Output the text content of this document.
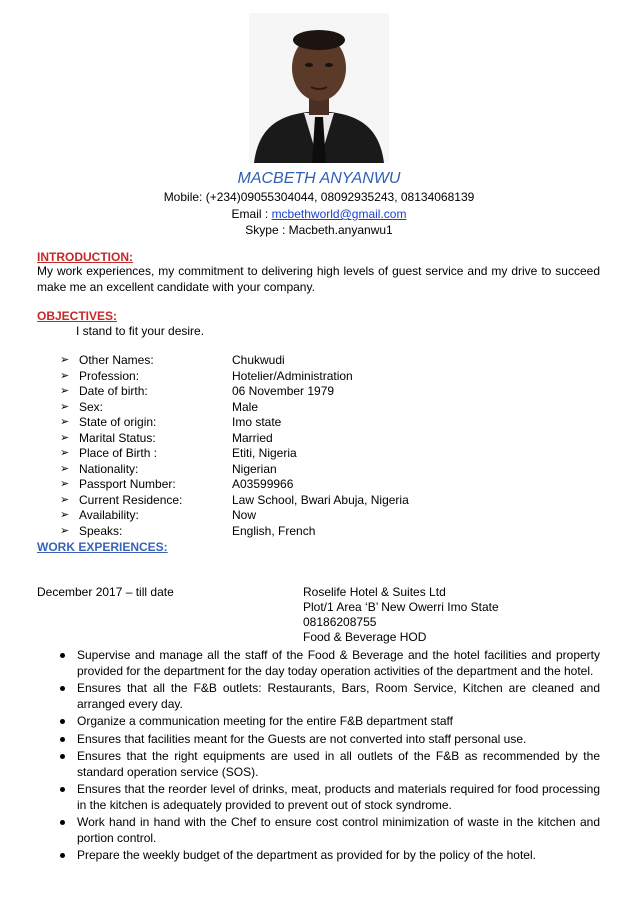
MACBETH ANYANWU
Mobile: (+234)09055304044, 08092935243, 08134068139
Email : mcbethworld@gmail.com
Skype : Macbeth.anyanwu1
INTRODUCTION:
My work experiences, my commitment to delivering high levels of guest service and my drive to succeed make me an excellent candidate with your company.
OBJECTIVES:
I stand to fit your desire.
➢ Other Names:	Chukwudi
➢ Profession:	Hotelier/Administration
➢ Date of birth:	06 November 1979
➢ Sex:	Male
➢ State of origin:	Imo state
➢ Marital Status:	Married
➢ Place of Birth :	Etiti, Nigeria
➢ Nationality:	Nigerian
➢ Passport Number:	A03599966
➢ Current Residence:	Law School, Bwari Abuja, Nigeria
➢ Availability:	Now
➢ Speaks:	English, French
WORK EXPERIENCES:
December 2017 – till date	Roselife Hotel & Suites Ltd
Plot/1 Area ‘B’ New Owerri Imo State
08186208755
Food & Beverage HOD
Supervise and manage all the staff of the Food & Beverage and the hotel facilities and property provided for the department for the day today operation activities of the department and the hotel.
Ensures that all the F&B outlets: Restaurants, Bars, Room Service, Kitchen are cleaned and arranged every day.
Organize a communication meeting for the entire F&B department staff
Ensures that facilities meant for the Guests are not converted into staff personal use.
Ensures that the right equipments are used in all outlets of the F&B as recommended by the standard operation service (SOS).
Ensures that the reorder level of drinks, meat, products and materials required for food processing in the kitchen is adequately provided to prevent out of stock syndrome.
Work hand in hand with the Chef to ensure cost control minimization of waste in the kitchen and portion control.
Prepare the weekly budget of the department as provided for by the policy of the hotel.
